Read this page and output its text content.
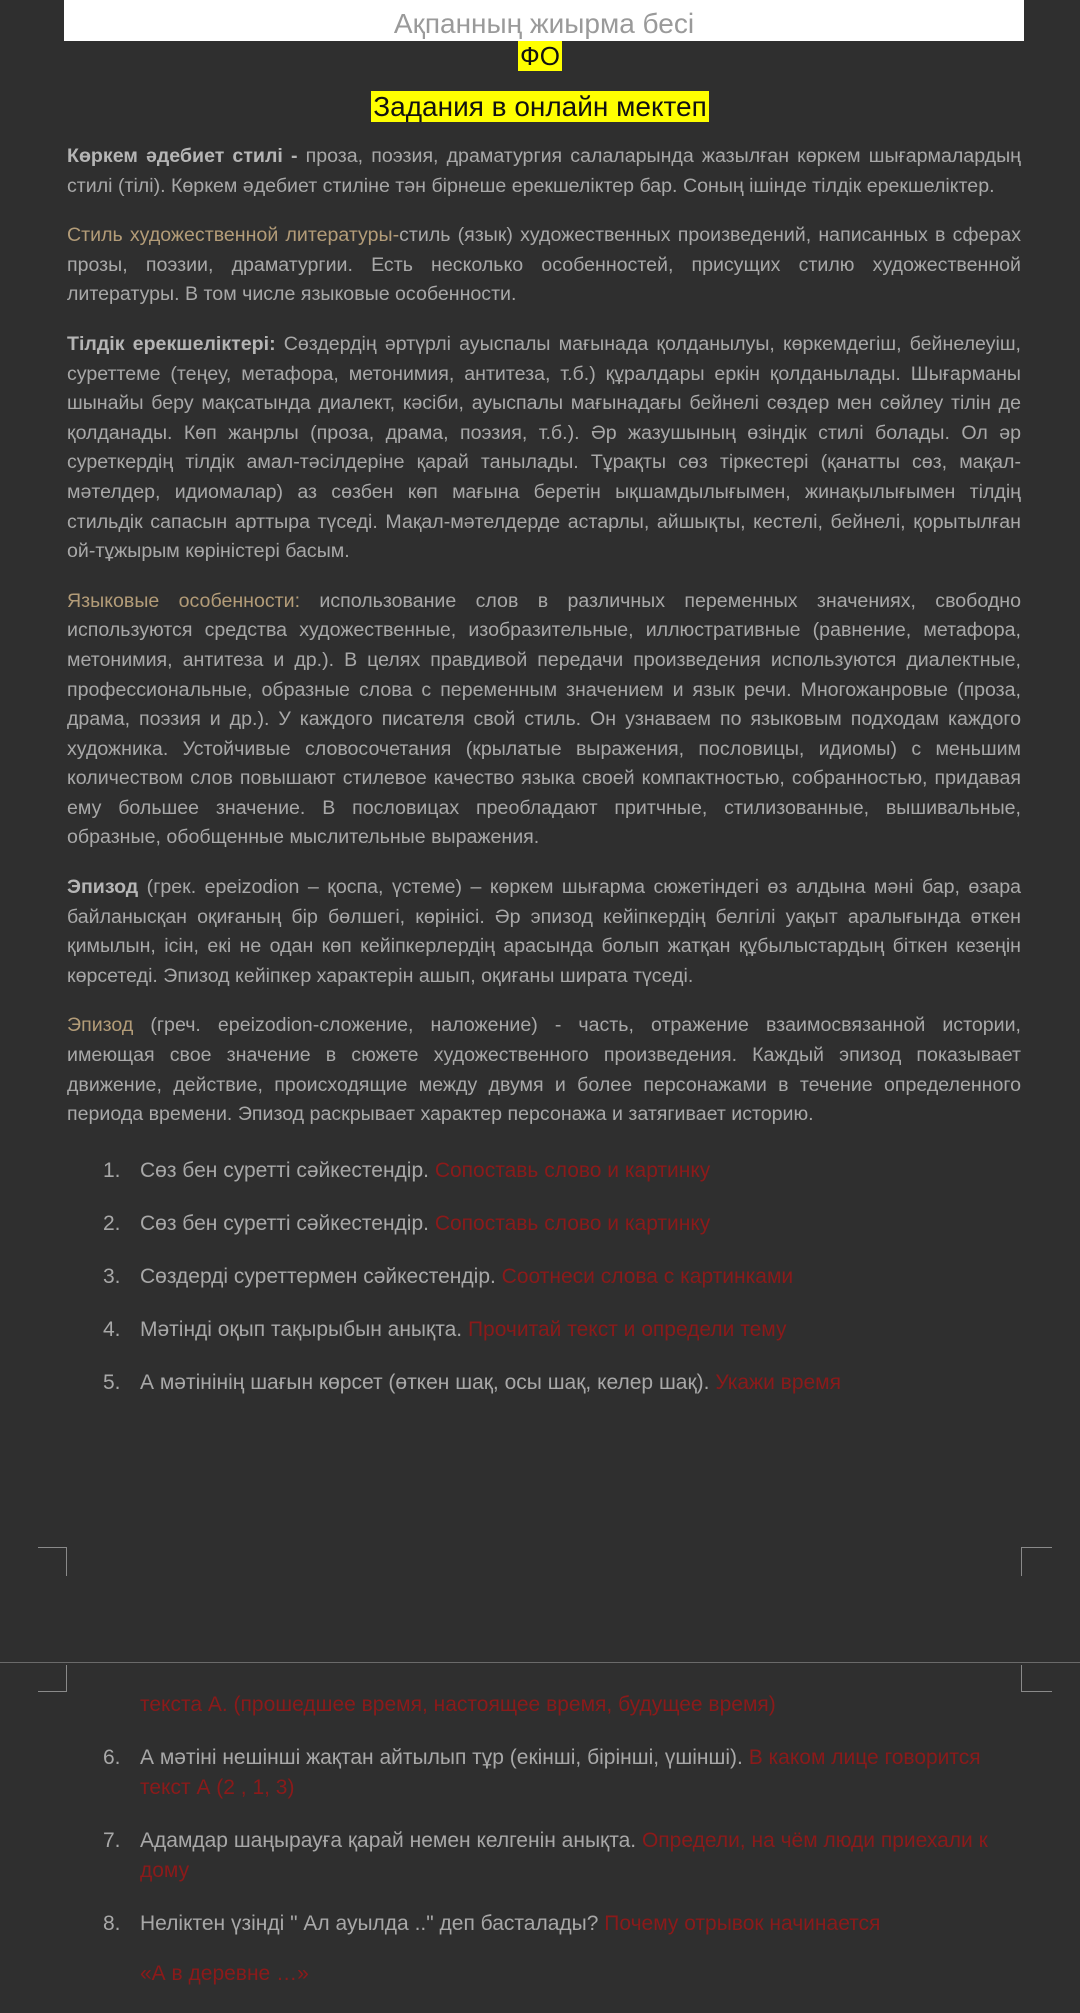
Ақпанның жиырма бесі
ФО
Задания в онлайн мектеп

Көркем әдебиет стилі - проза, поэзия, драматургия салаларында жазылған көркем шығармалардың стилі (тілі). Көркем әдебиет стиліне тән бірнеше ерекшеліктер бар. Соның ішінде тілдік ерекшеліктер.

Стиль художественной литературы-стиль (язык) художественных произведений, написанных в сферах прозы, поэзии, драматургии. Есть несколько особенностей, присущих стилю художественной литературы. В том числе языковые особенности.

Тілдік ерекшеліктері: Сөздердің әртүрлі ауыспалы мағынада қолданылуы, көркемдегіш, бейнелеуіш, суреттеме (теңеу, метафора, метонимия, антитеза, т.б.) құралдары еркін қолданылады. Шығарманы шынайы беру мақсатында диалект, кәсіби, ауыспалы мағынадағы бейнелі сөздер мен сөйлеу тілін де қолданады. Көп жанрлы (проза, драма, поэзия, т.б.). Әр жазушының өзіндік стилі болады. Ол әр суреткердің тілдік амал-тәсілдеріне қарай танылады. Тұрақты сөз тіркестері (қанатты сөз, мақал-мәтелдер, идиомалар) аз сөзбен көп мағына беретін ықшамдылығымен, жинақылығымен тілдің стильдік сапасын арттыра түседі. Мақал-мәтелдерде астарлы, айшықты, кестелі, бейнелі, қорытылған ой-тұжырым көріністері басым.

Языковые особенности: использование слов в различных переменных значениях, свободно используются средства художественные, изобразительные, иллюстративные (равнение, метафора, метонимия, антитеза и др.). В целях правдивой передачи произведения используются диалектные, профессиональные, образные слова с переменным значением и язык речи. Многожанровые (проза, драма, поэзия и др.). У каждого писателя свой стиль. Он узнаваем по языковым подходам каждого художника. Устойчивые словосочетания (крылатые выражения, пословицы, идиомы) с меньшим количеством слов повышают стилевое качество языка своей компактностью, собранностью, придавая ему большее значение. В пословицах преобладают притчные, стилизованные, вышивальные, образные, обобщенные мыслительные выражения.

Эпизод (грек. epeizodion – қоспа, үстеме) – көркем шығарма сюжетіндегі өз алдына мәні бар, өзара байланысқан оқиғаның бір бөлшегі, көрінісі. Әр эпизод кейіпкердің белгілі уақыт аралығында өткен қимылын, ісін, екі не одан көп кейіпкерлердің арасында болып жатқан құбылыстардың біткен кезеңін көрсетеді. Эпизод кейіпкер характерін ашып, оқиғаны ширата түседі.

Эпизод (греч. epeizodion-сложение, наложение) - часть, отражение взаимосвязанной истории, имеющая свое значение в сюжете художественного произведения. Каждый эпизод показывает движение, действие, происходящие между двумя и более персонажами в течение определенного периода времени. Эпизод раскрывает характер персонажа и затягивает историю.

1. Сөз бен суретті сәйкестендір. Сопоставь слово и картинку
2. Сөз бен суретті сәйкестендір. Сопоставь слово и картинку
3. Сөздерді суреттермен сәйкестендір. Соотнеси слова с картинками
4. Мәтінді оқып тақырыбын анықта. Прочитай текст и определи тему
5. А мәтінінің шағын көрсет (өткен шақ, осы шақ, келер шақ). Укажи время
текста А. (прошедшее время, настоящее время, будущее время)
6. А мәтіні нешінші жақтан айтылып тұр (екінші, бірінші, үшінші). В каком лице говорится текст А (2 , 1, 3)
7. Адамдар шаңырауға қарай немен келгенін анықта. Определи, на чём люди приехали к дому
8. Неліктен үзінді " Ал ауылда .." деп басталады? Почему отрывок начинается
«А в деревне …»
